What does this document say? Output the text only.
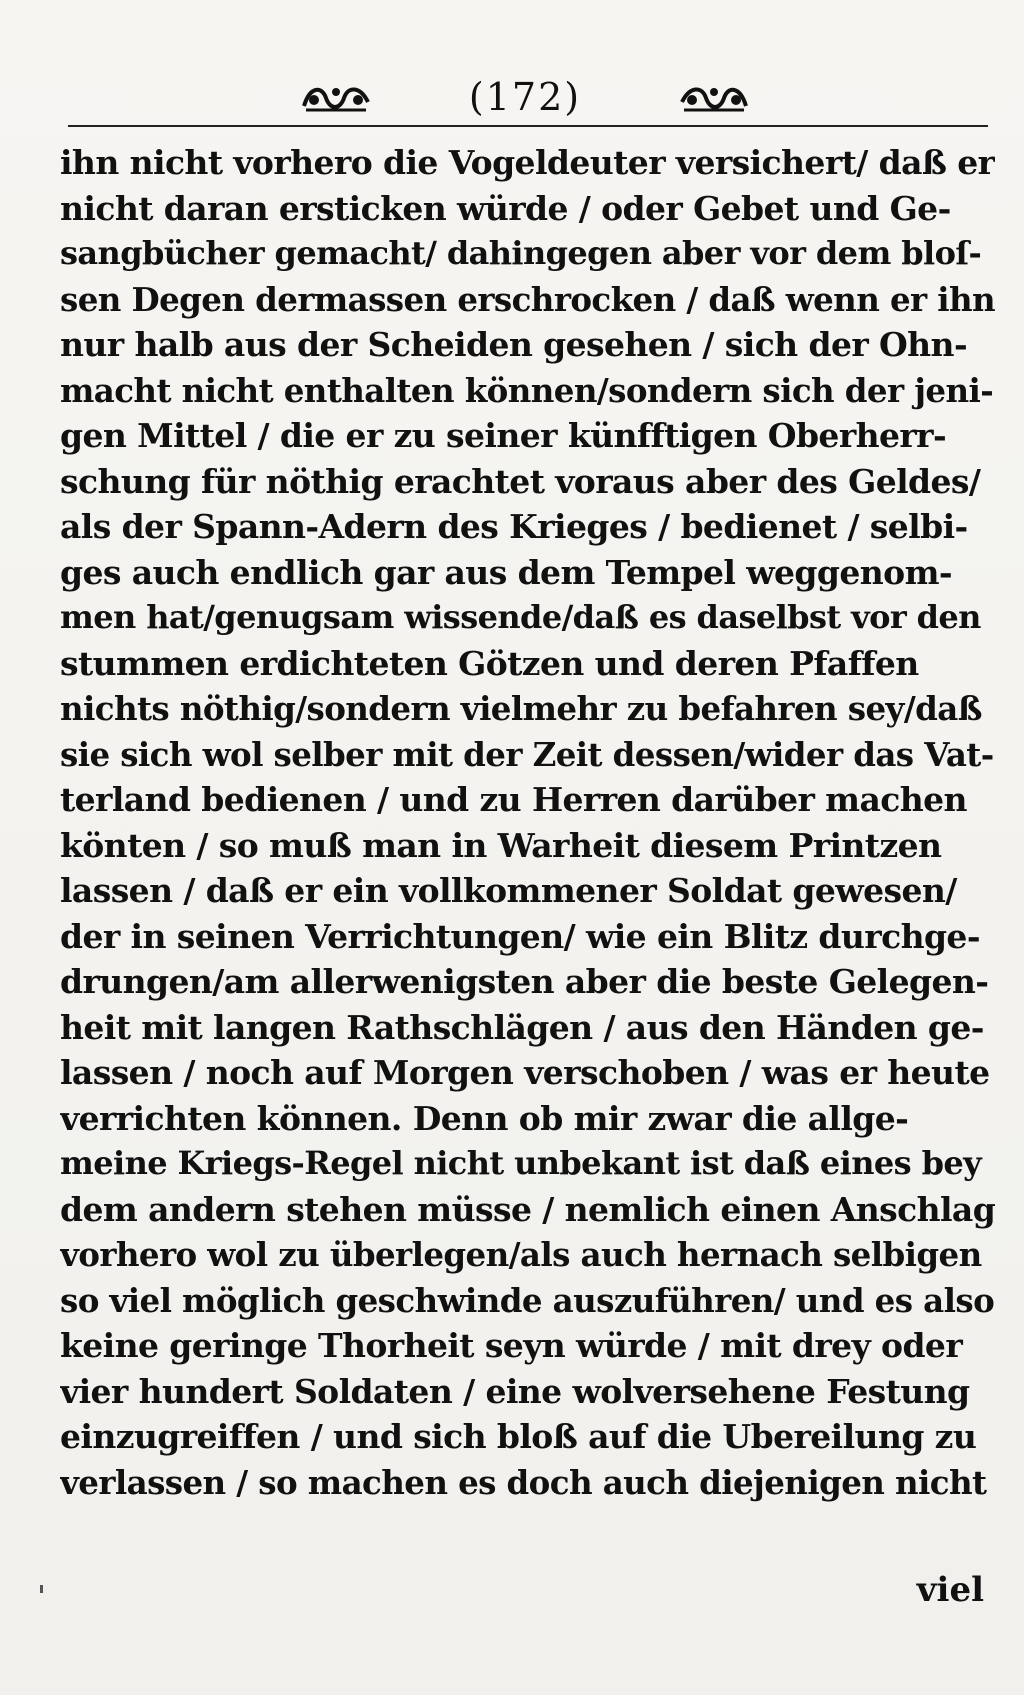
(172)
ihn nicht vorhero die Vogeldeuter versichert/ daß er
nicht daran ersticken würde / oder Gebet und Ge-
sangbücher gemacht/ dahingegen aber vor dem bloſ-
sen Degen dermassen erschrocken / daß wenn er ihn
nur halb aus der Scheiden gesehen / sich der Ohn-
macht nicht enthalten können/sondern sich der jeni-
gen Mittel / die er zu seiner künfftigen Oberherr-
schung für nöthig erachtet voraus aber des Geldes/
als der Spann-Adern des Krieges / bedienet / selbi-
ges auch endlich gar aus dem Tempel weggenom-
men hat/genugsam wissende/daß es daselbst vor den
stummen erdichteten Götzen und deren Pfaffen
nichts nöthig/sondern vielmehr zu befahren sey/daß
sie sich wol selber mit der Zeit dessen/wider das Vat-
terland bedienen / und zu Herren darüber machen
könten / so muß man in Warheit diesem Printzen
lassen / daß er ein vollkommener Soldat gewesen/
der in seinen Verrichtungen/ wie ein Blitz durchge-
drungen/am allerwenigsten aber die beste Gelegen-
heit mit langen Rathschlägen / aus den Händen ge-
lassen / noch auf Morgen verschoben / was er heute
verrichten können. Denn ob mir zwar die allge-
meine Kriegs-Regel nicht unbekant ist daß eines bey
dem andern stehen müsse / nemlich einen Anschlag
vorhero wol zu überlegen/als auch hernach selbigen
so viel möglich geschwinde auszuführen/ und es also
keine geringe Thorheit seyn würde / mit drey oder
vier hundert Soldaten / eine wolversehene Festung
einzugreiffen / und sich bloß auf die Ubereilung zu
verlassen / so machen es doch auch diejenigen nicht
viel
